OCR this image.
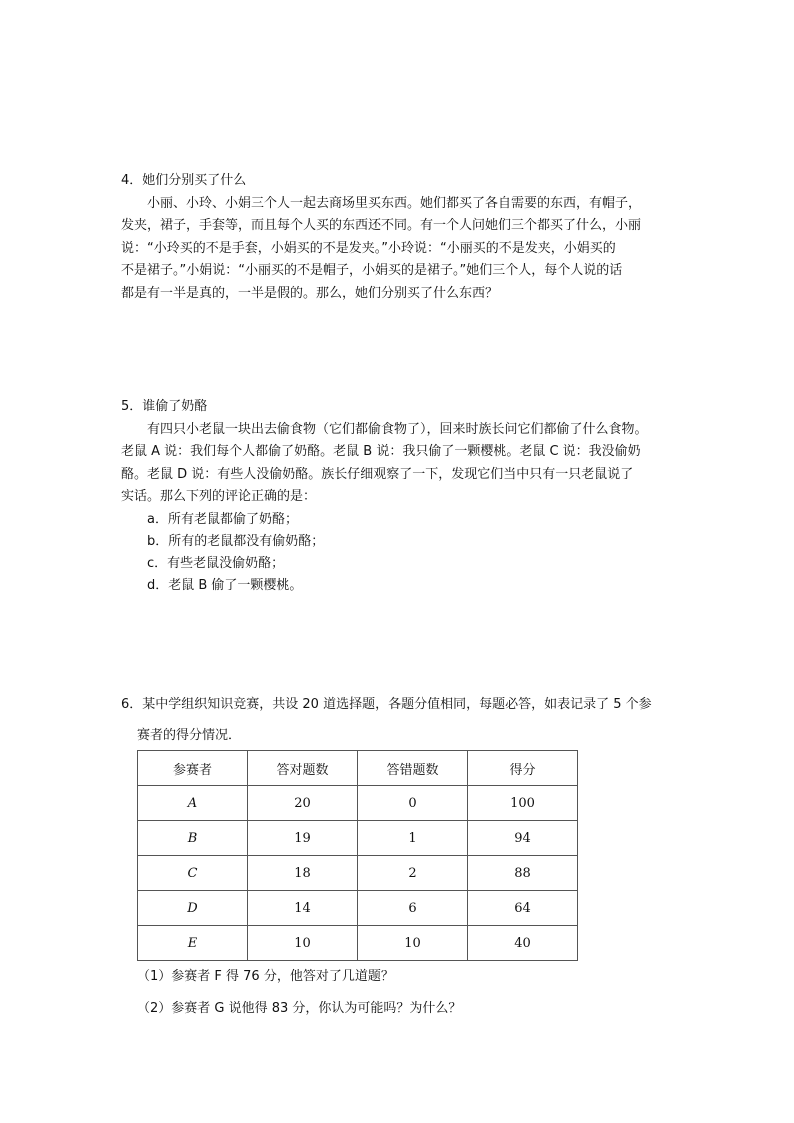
4．她们分别买了什么
小丽、小玲、小娟三个人一起去商场里买东西。她们都买了各自需要的东西，有帽子，
发夹，裙子，手套等，而且每个人买的东西还不同。有一个人问她们三个都买了什么，小丽
说：“小玲买的不是手套，小娟买的不是发夹。”小玲说：“小丽买的不是发夹，小娟买的
不是裙子。”小娟说：“小丽买的不是帽子，小娟买的是裙子。”她们三个人，每个人说的话
都是有一半是真的，一半是假的。那么，她们分别买了什么东西？
5．谁偷了奶酪
有四只小老鼠一块出去偷食物（它们都偷食物了），回来时族长问它们都偷了什么食物。
老鼠 A 说：我们每个人都偷了奶酪。老鼠 B 说：我只偷了一颗樱桃。老鼠 C 说：我没偷奶
酪。老鼠 D 说：有些人没偷奶酪。族长仔细观察了一下，发现它们当中只有一只老鼠说了
实话。那么下列的评论正确的是：
a．所有老鼠都偷了奶酪；
b．所有的老鼠都没有偷奶酪；
c．有些老鼠没偷奶酪；
d．老鼠 B 偷了一颗樱桃。
6．某中学组织知识竞赛，共设 20 道选择题，各题分值相同，每题必答，如表记录了 5 个参
赛者的得分情况．
参赛者	答对题数	答错题数	得分
A	20	0	100
B	19	1	94
C	18	2	88
D	14	6	64
E	10	10	40
（1）参赛者 F 得 76 分，他答对了几道题？
（2）参赛者 G 说他得 83 分，你认为可能吗？为什么？
